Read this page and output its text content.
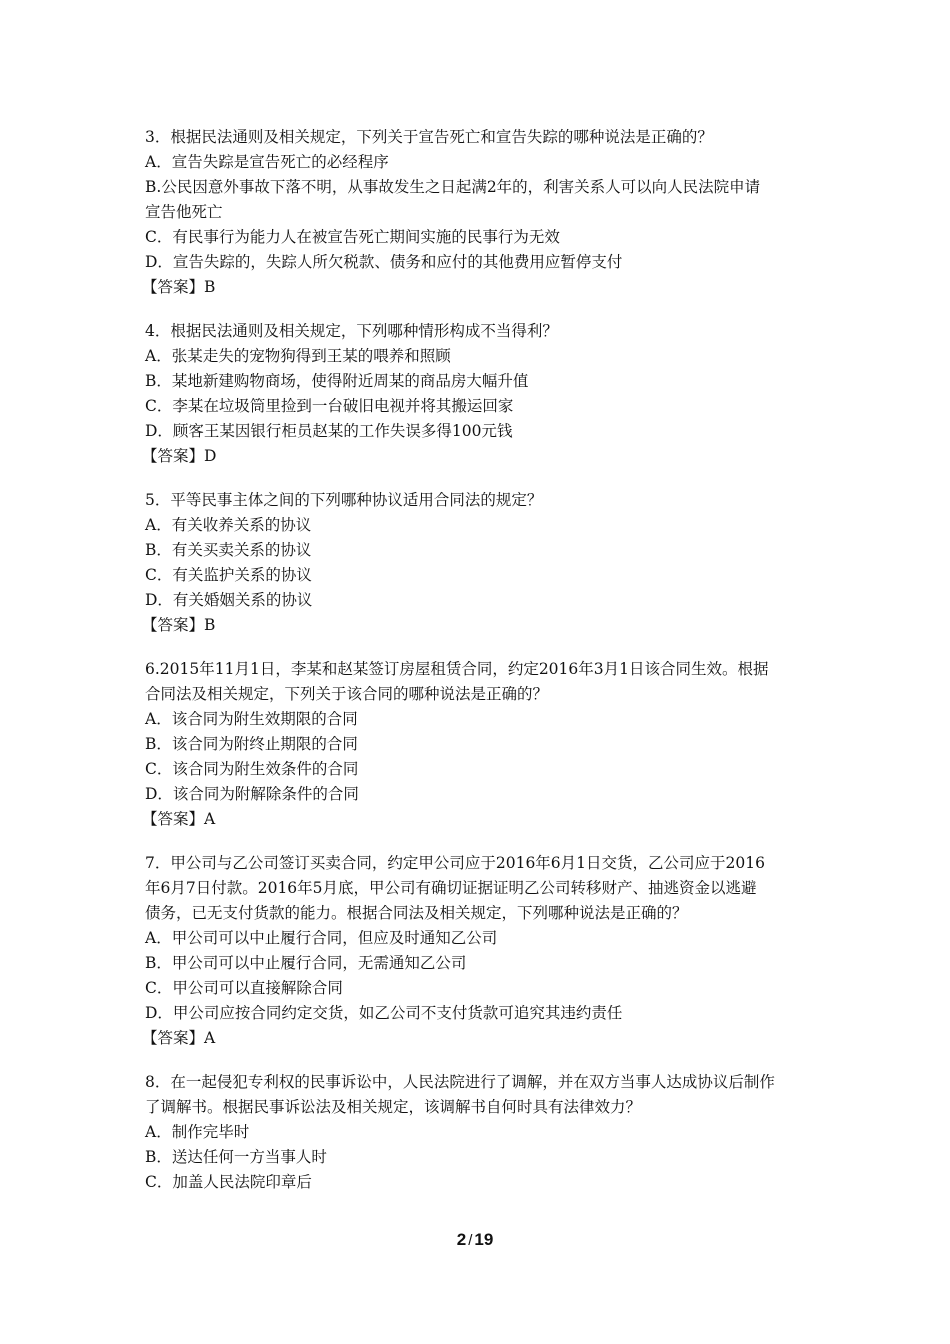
3．根据民法通则及相关规定，下列关于宣告死亡和宣告失踪的哪种说法是正确的？

A．宣告失踪是宣告死亡的必经程序

B.公民因意外事故下落不明，从事故发生之日起满2年的，利害关系人可以向人民法院申请

宣告他死亡

C．有民事行为能力人在被宣告死亡期间实施的民事行为无效

D．宣告失踪的，失踪人所欠税款、债务和应付的其他费用应暂停支付

【答案】B

4．根据民法通则及相关规定，下列哪种情形构成不当得利？

A．张某走失的宠物狗得到王某的喂养和照顾

B．某地新建购物商场，使得附近周某的商品房大幅升值

C．李某在垃圾筒里捡到一台破旧电视并将其搬运回家

D．顾客王某因银行柜员赵某的工作失误多得100元钱

【答案】D

5．平等民事主体之间的下列哪种协议适用合同法的规定？

A．有关收养关系的协议

B．有关买卖关系的协议

C．有关监护关系的协议

D．有关婚姻关系的协议

【答案】B

6.2015年11月1日，李某和赵某签订房屋租赁合同，约定2016年3月1日该合同生效。根据

合同法及相关规定，下列关于该合同的哪种说法是正确的？

A．该合同为附生效期限的合同

B．该合同为附终止期限的合同

C．该合同为附生效条件的合同

D．该合同为附解除条件的合同

【答案】A

7．甲公司与乙公司签订买卖合同，约定甲公司应于2016年6月1日交货，乙公司应于2016

年6月7日付款。2016年5月底，甲公司有确切证据证明乙公司转移财产、抽逃资金以逃避

债务，已无支付货款的能力。根据合同法及相关规定，下列哪种说法是正确的？

A．甲公司可以中止履行合同，但应及时通知乙公司

B．甲公司可以中止履行合同，无需通知乙公司

C．甲公司可以直接解除合同

D．甲公司应按合同约定交货，如乙公司不支付货款可追究其违约责任

【答案】A

8．在一起侵犯专利权的民事诉讼中，人民法院进行了调解，并在双方当事人达成协议后制作

了调解书。根据民事诉讼法及相关规定，该调解书自何时具有法律效力？

A．制作完毕时

B．送达任何一方当事人时

C．加盖人民法院印章后

2 / 19
